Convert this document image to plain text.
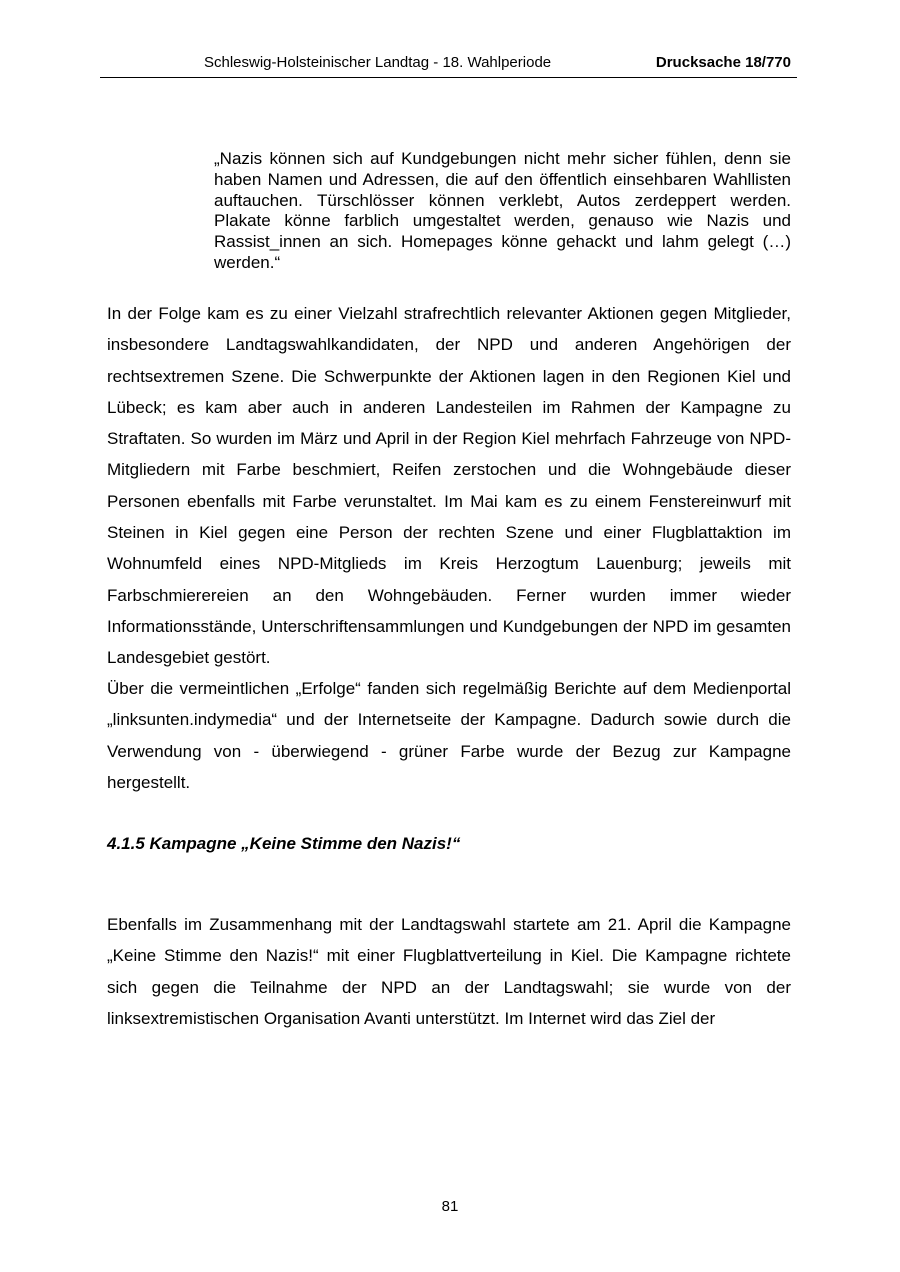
Schleswig-Holsteinischer Landtag - 18. Wahlperiode	Drucksache 18/770
„Nazis können sich auf Kundgebungen nicht mehr sicher fühlen, denn sie haben Namen und Adressen, die auf den öffentlich einsehbaren Wahllisten auftauchen. Türschlösser können verklebt, Autos zerdeppert werden. Plakate könne farblich umgestaltet werden, genauso wie Nazis und Rassist_innen an sich. Homepages könne gehackt und lahm gelegt (…) werden.“
In der Folge kam es zu einer Vielzahl strafrechtlich relevanter Aktionen gegen Mitglieder, insbesondere Landtagswahlkandidaten, der NPD und anderen Angehörigen der rechtsextremen Szene. Die Schwerpunkte der Aktionen lagen in den Regionen Kiel und Lübeck; es kam aber auch in anderen Landesteilen im Rahmen der Kampagne zu Straftaten. So wurden im März und April in der Region Kiel mehrfach Fahrzeuge von NPD-Mitgliedern mit Farbe beschmiert, Reifen zerstochen und die Wohngebäude dieser Personen ebenfalls mit Farbe verunstaltet. Im Mai kam es zu einem Fenstereinwurf mit Steinen in Kiel gegen eine Person der rechten Szene und einer Flugblattaktion im Wohnumfeld eines NPD-Mitglieds im Kreis Herzogtum Lauenburg; jeweils mit Farbschmierereien an den Wohngebäuden. Ferner wurden immer wieder Informationsstände, Unterschriftensammlungen und Kundgebungen der NPD im gesamten Landesgebiet gestört.
Über die vermeintlichen „Erfolge“ fanden sich regelmäßig Berichte auf dem Medienportal „linksunten.indymedia“ und der Internetseite der Kampagne. Dadurch sowie durch die Verwendung von - überwiegend - grüner Farbe wurde der Bezug zur Kampagne hergestellt.
4.1.5 Kampagne „Keine Stimme den Nazis!“
Ebenfalls im Zusammenhang mit der Landtagswahl startete am 21. April die Kampagne „Keine Stimme den Nazis!“ mit einer Flugblattverteilung in Kiel. Die Kampagne richtete sich gegen die Teilnahme der NPD an der Landtagswahl; sie wurde von der linksextremistischen Organisation Avanti unterstützt. Im Internet wird das Ziel der
81
